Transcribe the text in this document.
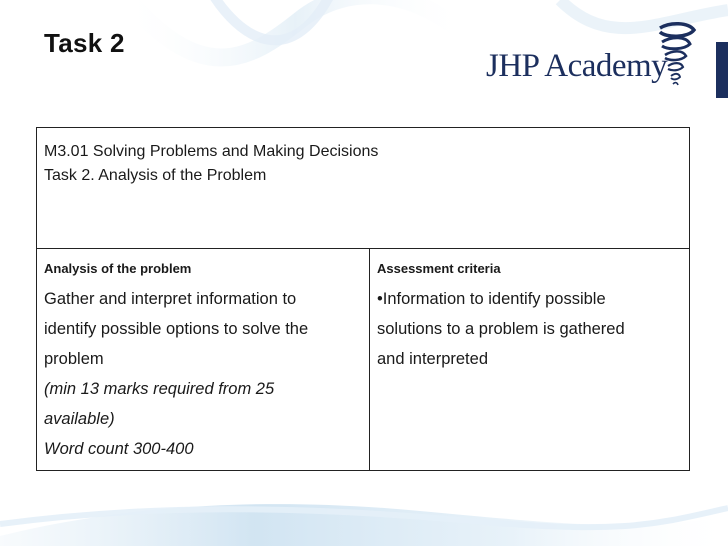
Task 2
JHP Academy
M3.01 Solving Problems and Making Decisions
Task 2. Analysis of the Problem

Analysis of the problem
Gather and interpret information to
identify possible options to solve the
problem
(min 13 marks required from 25
available)
Word count 300-400

Assessment criteria
•Information to identify possible
solutions to a problem is gathered
and interpreted
